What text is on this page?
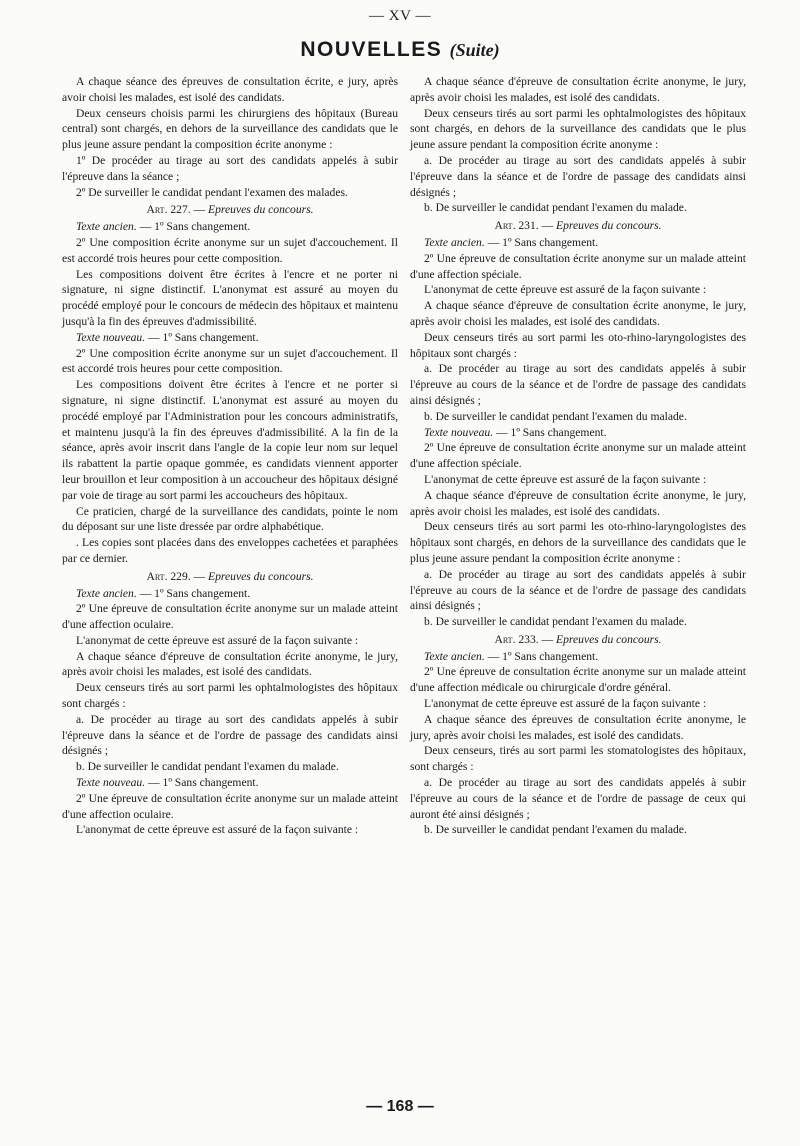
— XV —
NOUVELLES (Suite)

A chaque séance des épreuves de consultation écrite, e jury, après avoir choisi les malades, est isolé des candidats.

Deux censeurs choisis parmi les chirurgiens des hôpitaux (Bureau central) sont chargés, en dehors de la surveillance des candidats que le plus jeune assure pendant la composition écrite anonyme :

1º De procéder au tirage au sort des candidats appelés à subir l'épreuve dans la séance ;

2º De surveiller le candidat pendant l'examen des malades.

Art. 227. — Epreuves du concours.

Texte ancien. — 1º Sans changement.

2º Une composition écrite anonyme sur un sujet d'accouchement. Il est accordé trois heures pour cette composition.

Les compositions doivent être écrites à l'encre et ne porter ni signature, ni signe distinctif. L'anonymat est assuré au moyen du procédé employé pour le concours de médecin des hôpitaux et maintenu jusqu'à la fin des épreuves d'admissibilité.

Texte nouveau. — 1º Sans changement.

2º Une composition écrite anonyme sur un sujet d'accouchement. Il est accordé trois heures pour cette composition.

Les compositions doivent être écrites à l'encre et ne porter si signature, ni signe distinctif. L'anonymat est assuré au moyen du procédé employé par l'Administration pour les concours administratifs, et maintenu jusqu'à la fin des épreuves d'admissibilité. A la fin de la séance, après avoir inscrit dans l'angle de la copie leur nom sur lequel ils rabattent la partie opaque gommée, es candidats viennent apporter leur brouillon et leur composition à un accoucheur des hôpitaux désigné par voie de tirage au sort parmi les accoucheurs des hôpitaux.

Ce praticien, chargé de la surveillance des candidats, pointe le nom du déposant sur une liste dressée par ordre alphabétique.

. Les copies sont placées dans des enveloppes cachetées et paraphées par ce dernier.

Art. 229. — Epreuves du concours.

Texte ancien. — 1º Sans changement.

2º Une épreuve de consultation écrite anonyme sur un malade atteint d'une affection oculaire.

L'anonymat de cette épreuve est assuré de la façon suivante :

A chaque séance d'épreuve de consultation écrite anonyme, le jury, après avoir choisi les malades, est isolé des candidats.

Deux censeurs tirés au sort parmi les ophtalmologistes des hôpitaux sont chargés :

a. De procéder au tirage au sort des candidats appelés à subir l'épreuve dans la séance et de l'ordre de passage des candidats ainsi désignés ;

b. De surveiller le candidat pendant l'examen du malade.

Texte nouveau. — 1º Sans changement.

2º Une épreuve de consultation écrite anonyme sur un malade atteint d'une affection oculaire.

L'anonymat de cette épreuve est assuré de la façon suivante :

A chaque séance d'épreuve de consultation écrite anonyme, le jury, après avoir choisi les malades, est isolé des candidats.

Deux censeurs tirés au sort parmi les ophtalmologistes des hôpitaux sont chargés, en dehors de la surveillance des candidats que le plus jeune assure pendant la composition écrite anonyme :

a. De procéder au tirage au sort des candidats appelés à subir l'épreuve dans la séance et de l'ordre de passage des candidats ainsi désignés ;

b. De surveiller le candidat pendant l'examen du malade.

Art. 231. — Epreuves du concours.

Texte ancien. — 1º Sans changement.

2º Une épreuve de consultation écrite anonyme sur un malade atteint d'une affection spéciale.

L'anonymat de cette épreuve est assuré de la façon suivante :

A chaque séance d'épreuve de consultation écrite anonyme, le jury, après avoir choisi les malades, est isolé des candidats.

Deux censeurs tirés au sort parmi les oto-rhino-laryngologistes des hôpitaux sont chargés :

a. De procéder au tirage au sort des candidats appelés à subir l'épreuve au cours de la séance et de l'ordre de passage des candidats ainsi désignés ;

b. De surveiller le candidat pendant l'examen du malade.

Texte nouveau. — 1º Sans changement.

2º Une épreuve de consultation écrite anonyme sur un malade atteint d'une affection spéciale.

L'anonymat de cette épreuve est assuré de la façon suivante :

A chaque séance d'épreuve de consultation écrite anonyme, le jury, après avoir choisi les malades, est isolé des candidats.

Deux censeurs tirés au sort parmi les oto-rhino-laryngologistes des hôpitaux sont chargés, en dehors de la surveillance des candidats que le plus jeune assure pendant la composition écrite anonyme :

a. De procéder au tirage au sort des candidats appelés à subir l'épreuve au cours de la séance et de l'ordre de passage des candidats ainsi désignés ;

b. De surveiller le candidat pendant l'examen du malade.

Art. 233. — Epreuves du concours.

Texte ancien. — 1º Sans changement.

2º Une épreuve de consultation écrite anonyme sur un malade atteint d'une affection médicale ou chirurgicale d'ordre général.

L'anonymat de cette épreuve est assuré de la façon suivante :

A chaque séance des épreuves de consultation écrite anonyme, le jury, après avoir choisi les malades, est isolé des candidats.

Deux censeurs, tirés au sort parmi les stomatologistes des hôpitaux, sont chargés :

a. De procéder au tirage au sort des candidats appelés à subir l'épreuve au cours de la séance et de l'ordre de passage de ceux qui auront été ainsi désignés ;

b. De surveiller le candidat pendant l'examen du malade.

— 168 —
